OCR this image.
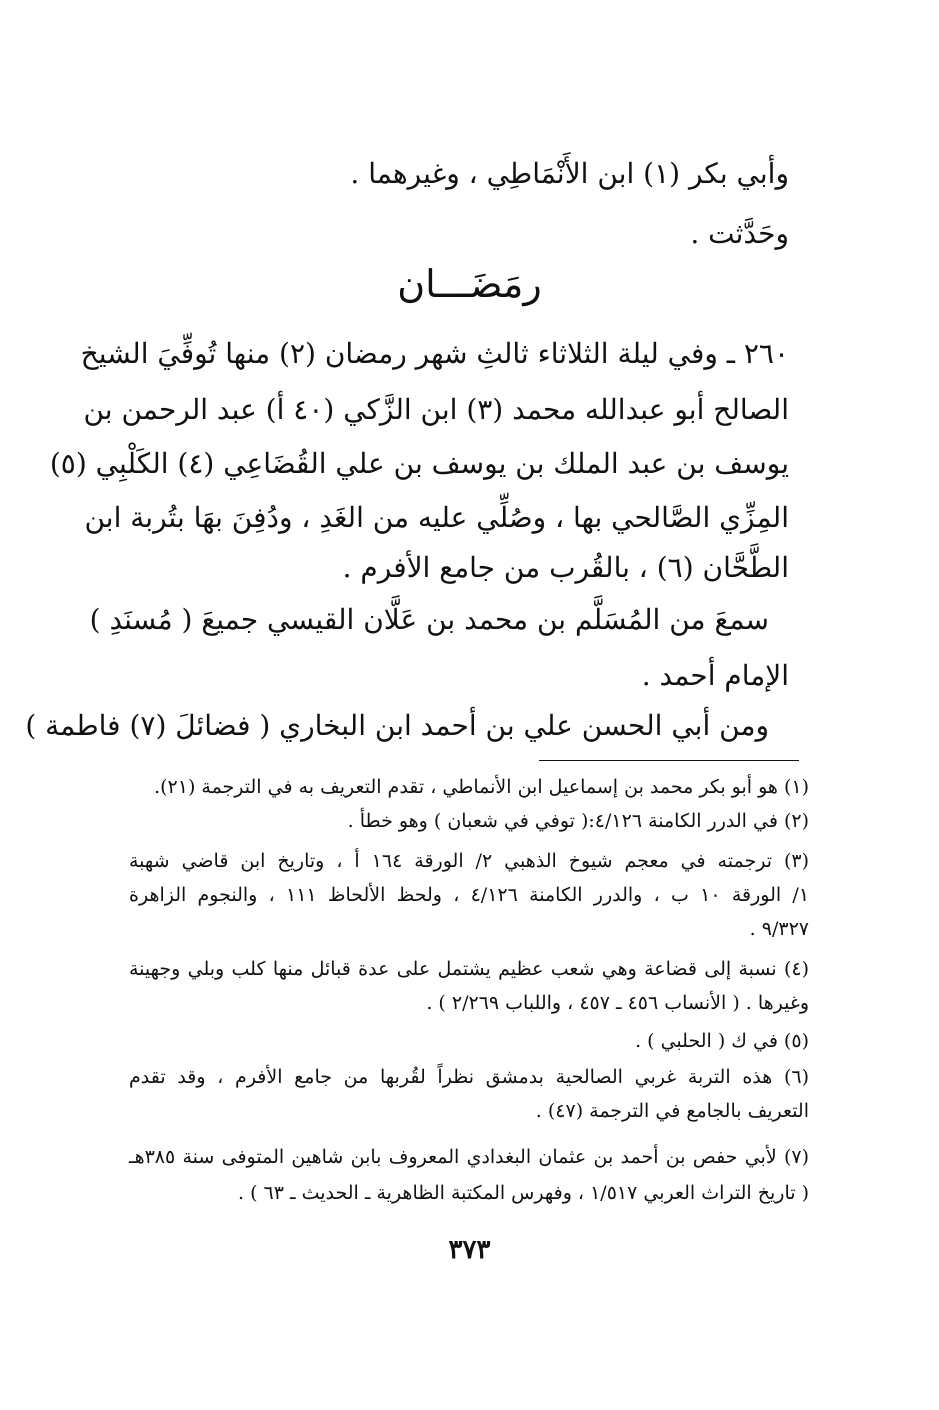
وأبي بكر (١) ابن الأَنْمَاطِي ، وغيرهما .
وحَدَّثت .
رمَضَـــان
٢٦٠ ـ وفي ليلة الثلاثاء ثالثِ شهر رمضان (٢) منها تُوفِّيَ الشيخ
الصالح أبو عبدالله محمد (٣) ابن الزَّكي (٤٠ أ) عبد الرحمن بن
يوسف بن عبد الملك بن يوسف بن علي القُضَاعِي (٤) الكَلْبِي (٥)
المِزِّي الصَّالحي بها ، وصُلِّي عليه من الغَدِ ، ودُفِنَ بهَا بتُربة ابن
الطَّحَّان (٦) ، بالقُرب من جامع الأفرم .
سمعَ من المُسَلَّم بن محمد بن عَلَّان القيسي جميعَ ( مُسنَدِ )
الإمام أحمد .
ومن أبي الحسن علي بن أحمد ابن البخاري ( فضائلَ (٧) فاطمة )
(١) هو أبو بكر محمد بن إسماعيل ابن الأنماطي ، تقدم التعريف به في الترجمة (٢١).
(٢) في الدرر الكامنة ٤/١٢٦:( توفي في شعبان ) وهو خطأ .
(٣) ترجمته في معجم شيوخ الذهبي ٢/ الورقة ١٦٤ أ ، وتاريخ ابن قاضي شهبة
١/ الورقة ١٠ ب ، والدرر الكامنة ٤/١٢٦ ، ولحظ الألحاظ ١١١ ، والنجوم الزاهرة
٩/٣٢٧ .
(٤) نسبة إلى قضاعة وهي شعب عظيم يشتمل على عدة قبائل منها كلب وبلي وجهينة
وغيرها . ( الأنساب ٤٥٦ ـ ٤٥٧ ، واللباب ٢/٢٦٩ ) .
(٥) في ك ( الحلبي ) .
(٦) هذه التربة غربي الصالحية بدمشق نظراً لقُربها من جامع الأفرم ، وقد تقدم
التعريف بالجامع في الترجمة (٤٧) .
(٧) لأبي حفص بن أحمد بن عثمان البغدادي المعروف بابن شاهين المتوفى سنة ٣٨٥هـ
( تاريخ التراث العربي ١/٥١٧ ، وفهرس المكتبة الظاهرية ـ الحديث ـ ٦٣ ) .
٣٧٣
